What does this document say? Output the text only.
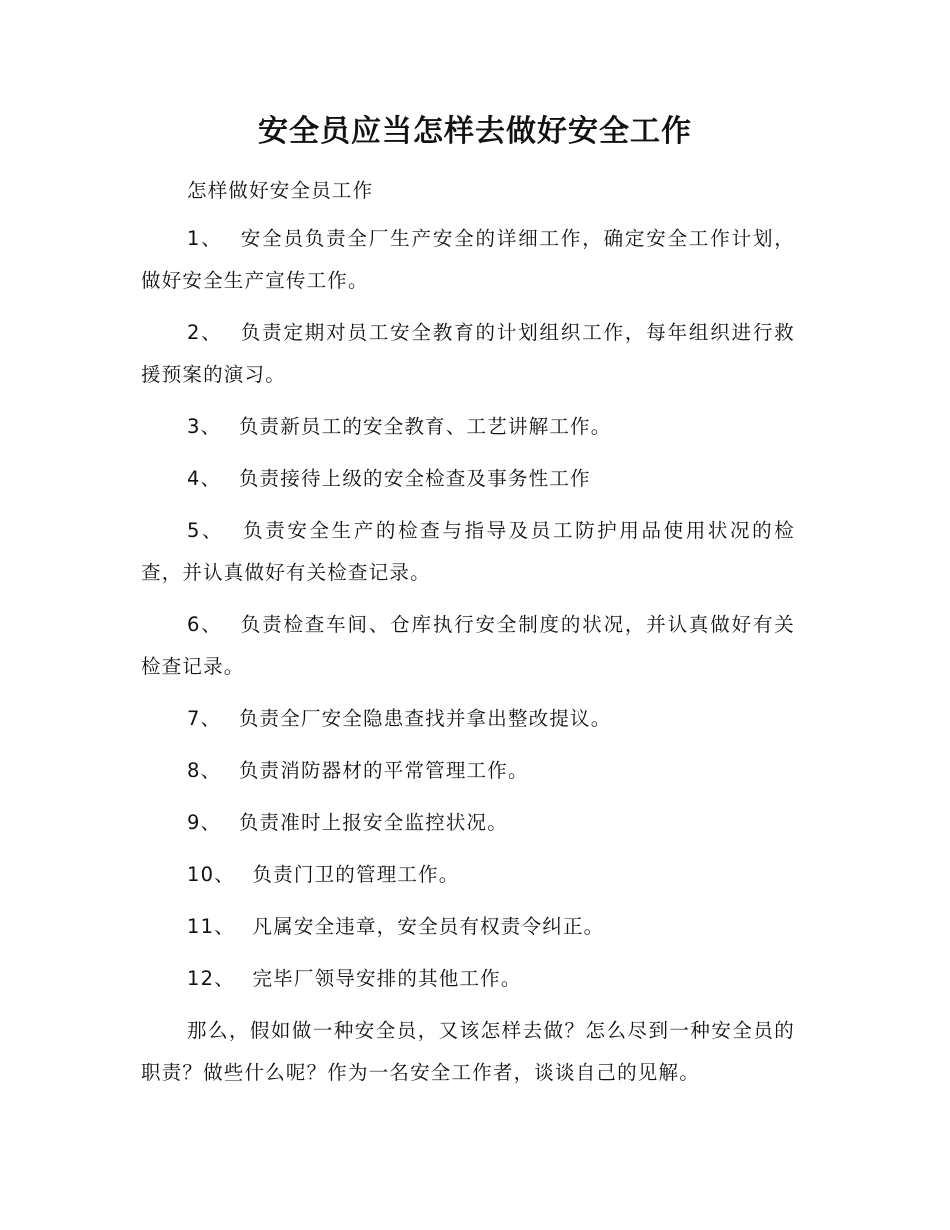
安全员应当怎样去做好安全工作

怎样做好安全员工作

1、 安全员负责全厂生产安全的详细工作，确定安全工作计划，做好安全生产宣传工作。

2、 负责定期对员工安全教育的计划组织工作，每年组织进行救援预案的演习。

3、 负责新员工的安全教育、工艺讲解工作。

4、 负责接待上级的安全检查及事务性工作

5、 负责安全生产的检查与指导及员工防护用品使用状况的检查，并认真做好有关检查记录。

6、 负责检查车间、仓库执行安全制度的状况，并认真做好有关检查记录。

7、 负责全厂安全隐患查找并拿出整改提议。

8、 负责消防器材的平常管理工作。

9、 负责准时上报安全监控状况。

10、 负责门卫的管理工作。

11、 凡属安全违章，安全员有权责令纠正。

12、 完毕厂领导安排的其他工作。

那么，假如做一种安全员，又该怎样去做？怎么尽到一种安全员的职责？做些什么呢？作为一名安全工作者，谈谈自己的见解。
